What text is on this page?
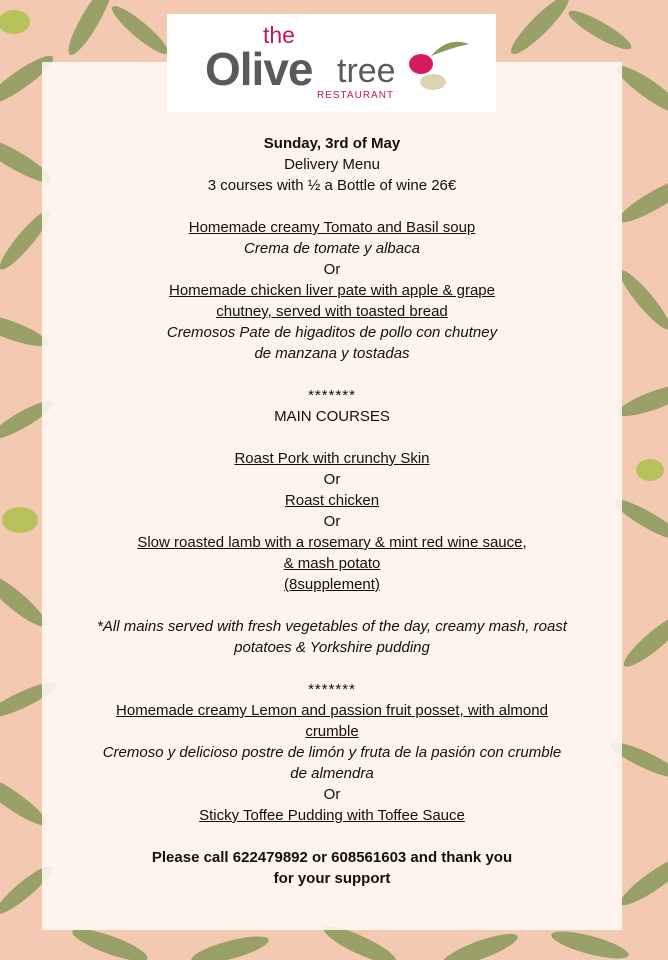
the
Olive tree
RESTAURANT
Sunday, 3rd of May
Delivery Menu
3 courses with ½ a Bottle of wine 26€
Homemade creamy Tomato and Basil soup
Crema de tomate y albaca
Or
Homemade chicken liver pate with apple & grape
chutney, served with toasted bread
Cremosos Pate de higaditos de pollo con chutney
de manzana y tostadas
*******
MAIN COURSES
Roast Pork with crunchy Skin
Or
Roast chicken
Or
Slow roasted lamb with a rosemary & mint red wine sauce,
& mash potato
(8supplement)
*All mains served with fresh vegetables of the day, creamy mash, roast
potatoes & Yorkshire pudding
*******
Homemade creamy Lemon and passion fruit posset, with almond
crumble
Cremoso y delicioso postre de limón y fruta de la pasión con crumble
de almendra
Or
Sticky Toffee Pudding with Toffee Sauce
Please call 622479892 or 608561603 and thank you
for your support
